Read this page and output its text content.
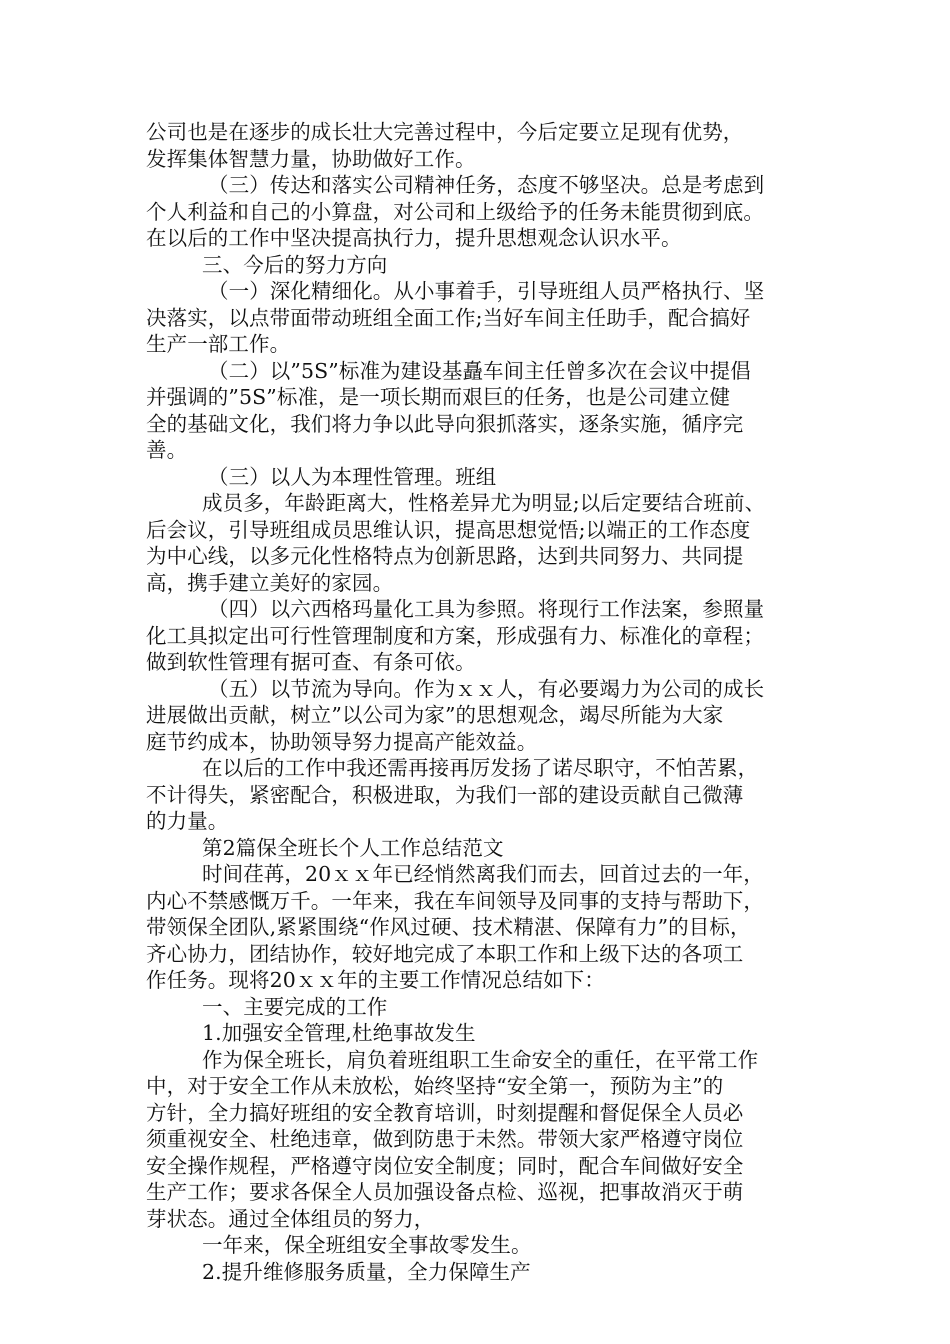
公司也是在逐步的成长壮大完善过程中，今后定要立足现有优势，
发挥集体智慧力量，协助做好工作。
（三）传达和落实公司精神任务，态度不够坚决。总是考虑到
个人利益和自己的小算盘，对公司和上级给予的任务未能贯彻到底。
在以后的工作中坚决提高执行力，提升思想观念认识水平。
三、今后的努力方向
（一）深化精细化。从小事着手，引导班组人员严格执行、坚
决落实，以点带面带动班组全面工作;当好车间主任助手，配合搞好
生产一部工作。
（二）以”5S”标准为建设基矗车间主任曾多次在会议中提倡
并强调的”5S”标准，是一项长期而艰巨的任务，也是公司建立健
全的基础文化，我们将力争以此导向狠抓落实，逐条实施，循序完
善。
（三）以人为本理性管理。班组
成员多，年龄距离大，性格差异尤为明显;以后定要结合班前、
后会议，引导班组成员思维认识，提高思想觉悟;以端正的工作态度
为中心线，以多元化性格特点为创新思路，达到共同努力、共同提
高，携手建立美好的家园。
（四）以六西格玛量化工具为参照。将现行工作法案，参照量
化工具拟定出可行性管理制度和方案，形成强有力、标准化的章程；
做到软性管理有据可查、有条可依。
（五）以节流为导向。作为ｘｘ人，有必要竭力为公司的成长
进展做出贡献，树立”以公司为家”的思想观念，竭尽所能为大家
庭节约成本，协助领导努力提高产能效益。
在以后的工作中我还需再接再厉发扬了诺尽职守，不怕苦累，
不计得失，紧密配合，积极进取，为我们一部的建设贡献自己微薄
的力量。
第2篇保全班长个人工作总结范文
时间荏苒，20ｘｘ年已经悄然离我们而去，回首过去的一年，
内心不禁感慨万千。一年来，我在车间领导及同事的支持与帮助下，
带领保全团队,紧紧围绕“作风过硬、技术精湛、保障有力”的目标，
齐心协力，团结协作，较好地完成了本职工作和上级下达的各项工
作任务。现将20ｘｘ年的主要工作情况总结如下：
一、主要完成的工作
1.加强安全管理,杜绝事故发生
作为保全班长，肩负着班组职工生命安全的重任，在平常工作
中，对于安全工作从未放松，始终坚持“安全第一，预防为主”的
方针，全力搞好班组的安全教育培训，时刻提醒和督促保全人员必
须重视安全、杜绝违章，做到防患于未然。带领大家严格遵守岗位
安全操作规程，严格遵守岗位安全制度；同时，配合车间做好安全
生产工作；要求各保全人员加强设备点检、巡视，把事故消灭于萌
芽状态。通过全体组员的努力，
一年来，保全班组安全事故零发生。
2.提升维修服务质量，全力保障生产
